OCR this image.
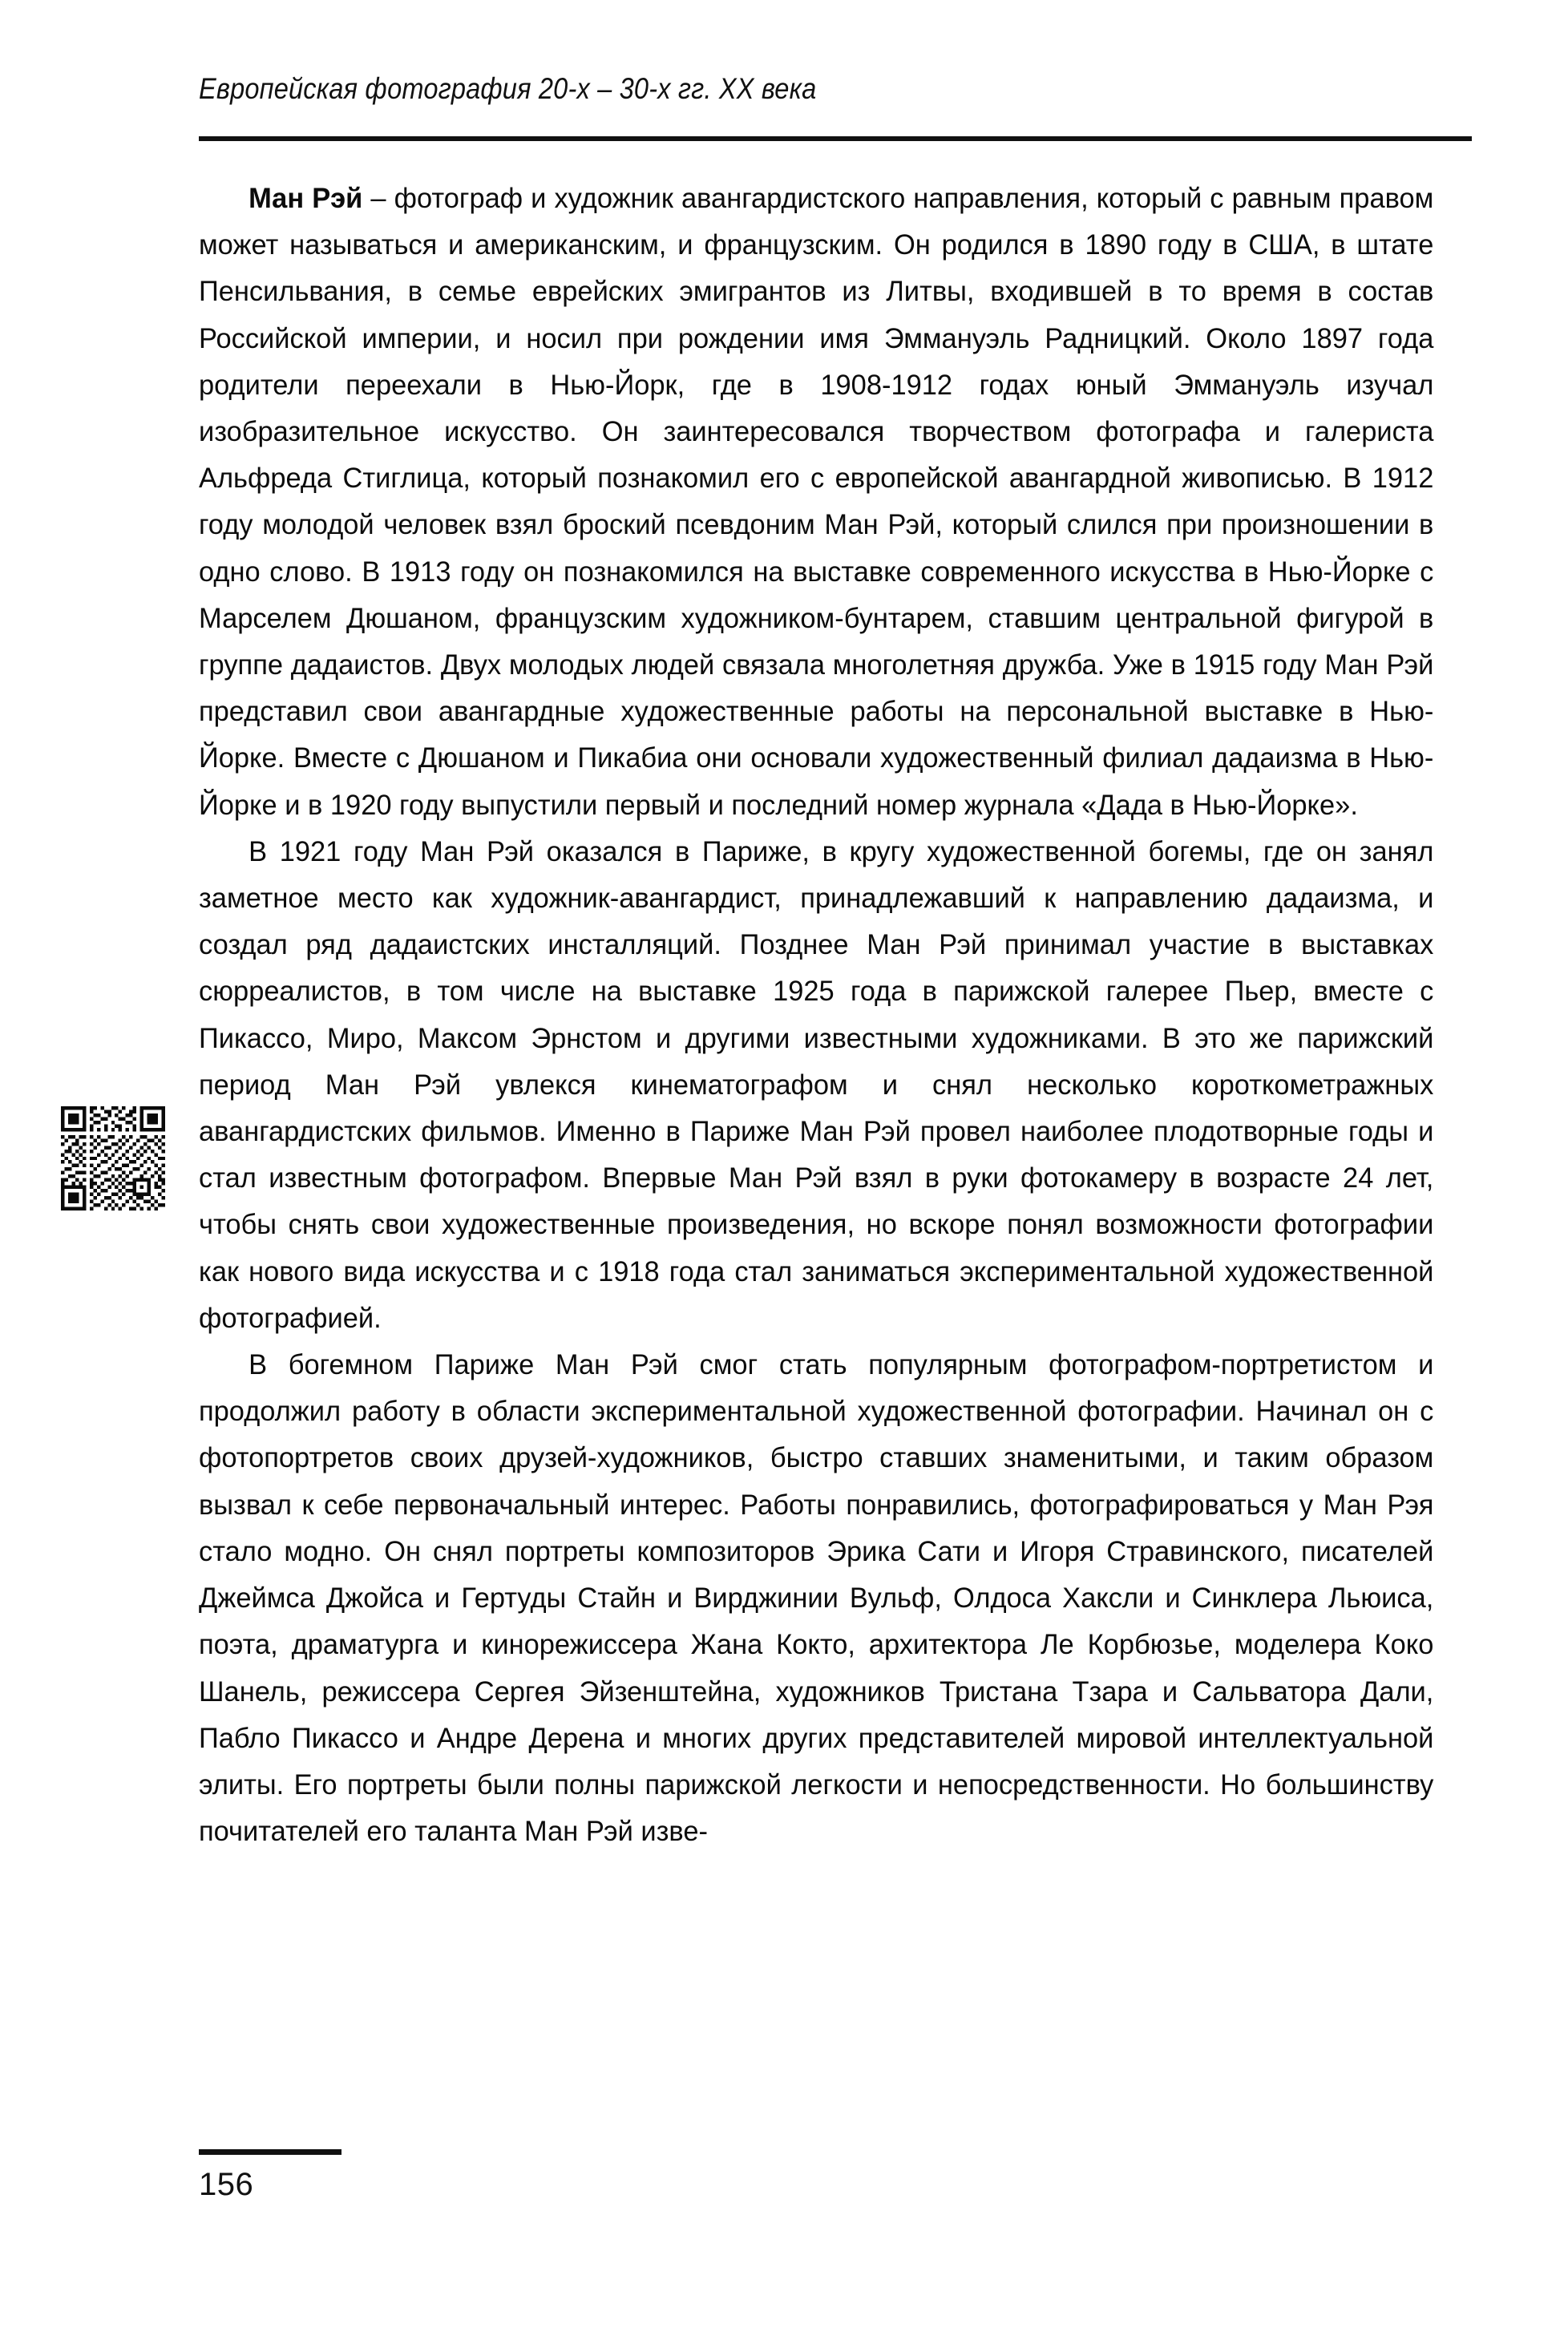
Европейская фотография 20-х – 30-х гг. XX века

Ман Рэй – фотограф и художник авангардистского направления, который с равным правом может называться и американским, и французским. Он родился в 1890 году в США, в штате Пенсильвания, в семье еврейских эмигрантов из Литвы, входившей в то время в состав Российской империи, и носил при рождении имя Эммануэль Радницкий. Около 1897 года родители переехали в Нью-Йорк, где в 1908-1912 годах юный Эммануэль изучал изобразительное искусство. Он заинтересовался творчеством фотографа и галериста Альфреда Стиглица, который познакомил его с европейской авангардной живописью. В 1912 году молодой человек взял броский псевдоним Ман Рэй, который слился при произношении в одно слово. В 1913 году он познакомился на выставке современного искусства в Нью-Йорке с Марселем Дюшаном, французским художником-бунтарем, ставшим центральной фигурой в группе дадаистов. Двух молодых людей связала многолетняя дружба. Уже в 1915 году Ман Рэй представил свои авангардные художественные работы на персональной выставке в Нью-Йорке. Вместе с Дюшаном и Пикабиа они основали художественный филиал дадаизма в Нью-Йорке и в 1920 году выпустили первый и последний номер журнала «Дада в Нью-Йорке».

В 1921 году Ман Рэй оказался в Париже, в кругу художественной богемы, где он занял заметное место как художник-авангардист, принадлежавший к направлению дадаизма, и создал ряд дадаистских инсталляций. Позднее Ман Рэй принимал участие в выставках сюрреалистов, в том числе на выставке 1925 года в парижской галерее Пьер, вместе с Пикассо, Миро, Максом Эрнстом и другими известными художниками. В это же парижский период Ман Рэй увлекся кинематографом и снял несколько короткометражных авангардистских фильмов. Именно в Париже Ман Рэй провел наиболее плодотворные годы и стал известным фотографом. Впервые Ман Рэй взял в руки фотокамеру в возрасте 24 лет, чтобы снять свои художественные произведения, но вскоре понял возможности фотографии как нового вида искусства и с 1918 года стал заниматься экспериментальной художественной фотографией.

В богемном Париже Ман Рэй смог стать популярным фотографом-портретистом и продолжил работу в области экспериментальной художественной фотографии. Начинал он с фотопортретов своих друзей-художников, быстро ставших знаменитыми, и таким образом вызвал к себе первоначальный интерес. Работы понравились, фотографироваться у Ман Рэя стало модно. Он снял портреты композиторов Эрика Сати и Игоря Стравинского, писателей Джеймса Джойса и Гертуды Стайн и Вирджинии Вульф, Олдоса Хаксли и Синклера Льюиса, поэта, драматурга и кинорежиссера Жана Кокто, архитектора Ле Корбюзье, моделера Коко Шанель, режиссера Сергея Эйзенштейна, художников Тристана Тзара и Сальватора Дали, Пабло Пикассо и Андре Дерена и многих других представителей мировой интеллектуальной элиты. Его портреты были полны парижской легкости и непосредственности. Но большинству почитателей его таланта Ман Рэй изве-

156
